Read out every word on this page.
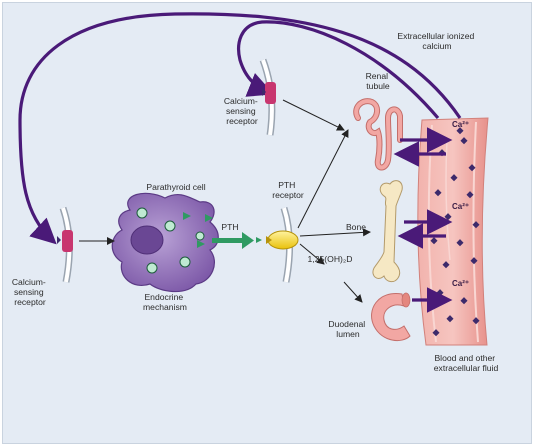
Ca²⁺
Ca²⁺
Ca²⁺
Extracellular ionized calcium
Calcium- sensing receptor
Calcium- sensing receptor
Parathyroid cell
Endocrine mechanism
PTH
PTH receptor
Renal tubule
Bone
1,25(OH)₂D
Duodenal lumen
Blood and other extracellular fluid
